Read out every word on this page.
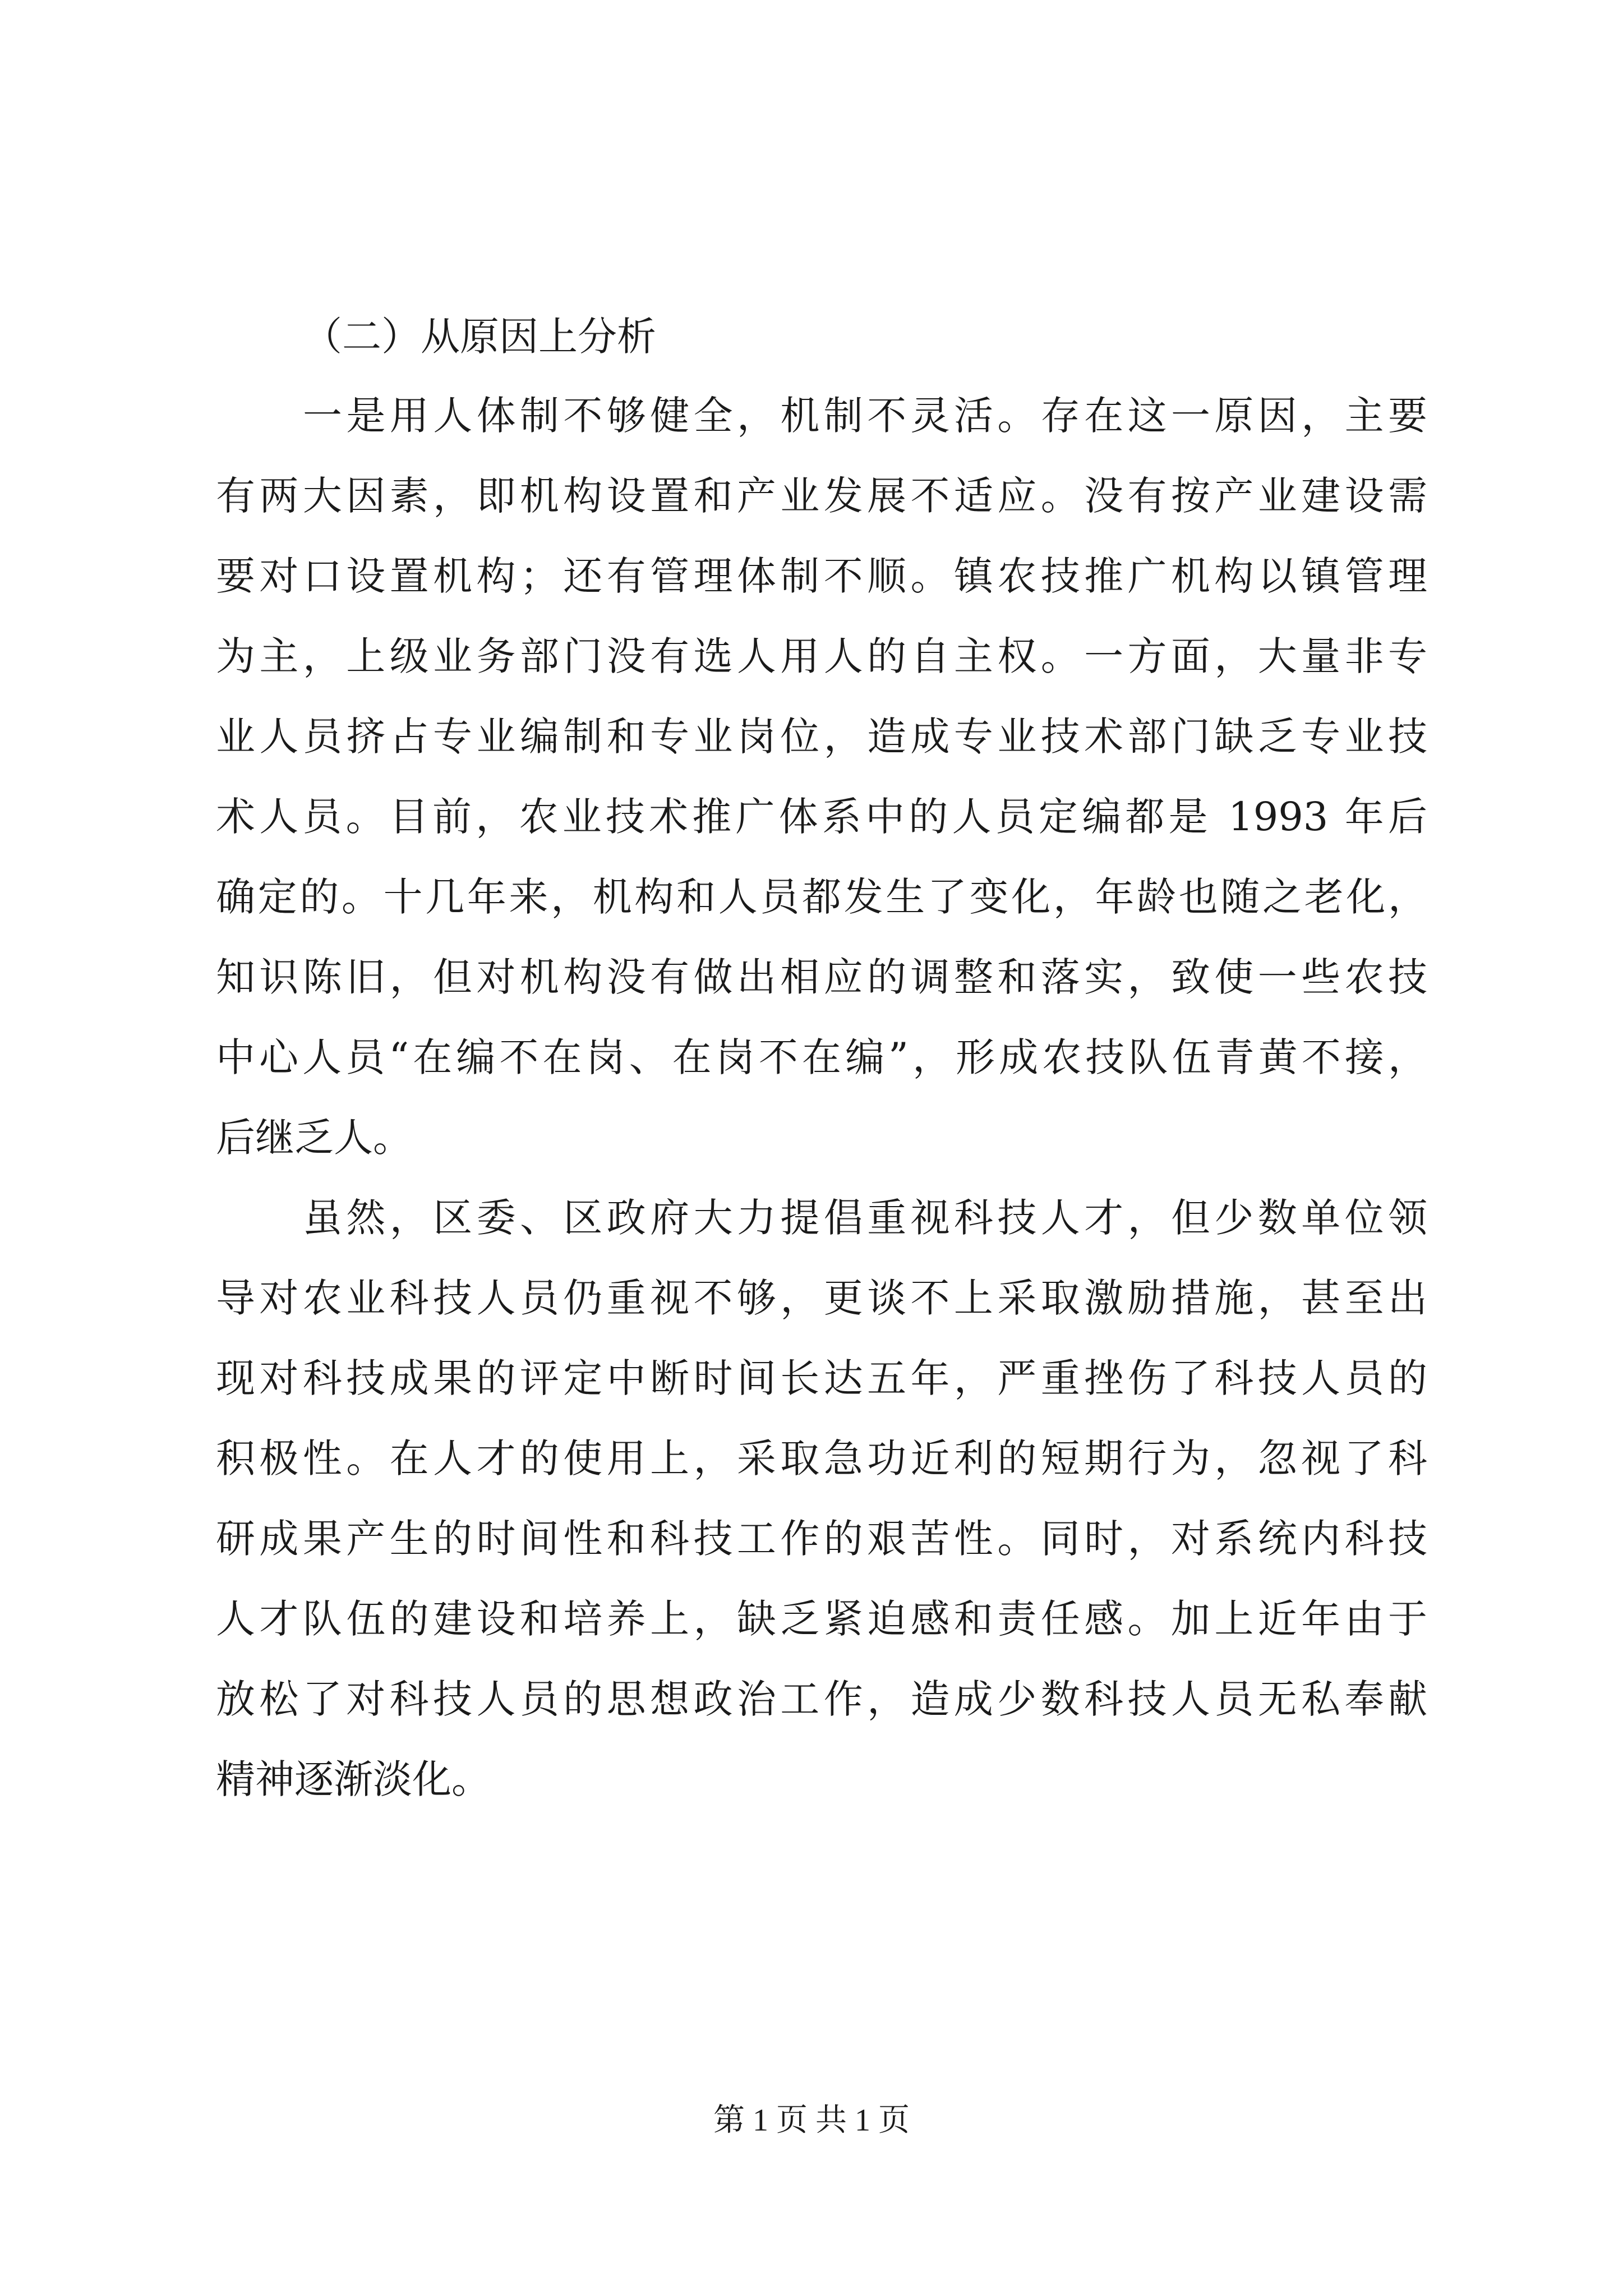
（二）从原因上分析

一是用人体制不够健全，机制不灵活。存在这一原因，主要
有两大因素，即机构设置和产业发展不适应。没有按产业建设需
要对口设置机构；还有管理体制不顺。镇农技推广机构以镇管理
为主，上级业务部门没有选人用人的自主权。一方面，大量非专
业人员挤占专业编制和专业岗位，造成专业技术部门缺乏专业技
术人员。目前，农业技术推广体系中的人员定编都是 1993 年后
确定的。十几年来，机构和人员都发生了变化，年龄也随之老化，
知识陈旧，但对机构没有做出相应的调整和落实，致使一些农技
中心人员“在编不在岗、在岗不在编”，形成农技队伍青黄不接，
后继乏人。

虽然，区委、区政府大力提倡重视科技人才，但少数单位领
导对农业科技人员仍重视不够，更谈不上采取激励措施，甚至出
现对科技成果的评定中断时间长达五年，严重挫伤了科技人员的
积极性。在人才的使用上，采取急功近利的短期行为，忽视了科
研成果产生的时间性和科技工作的艰苦性。同时，对系统内科技
人才队伍的建设和培养上，缺乏紧迫感和责任感。加上近年由于
放松了对科技人员的思想政治工作，造成少数科技人员无私奉献
精神逐渐淡化。

第 1 页 共 1 页
